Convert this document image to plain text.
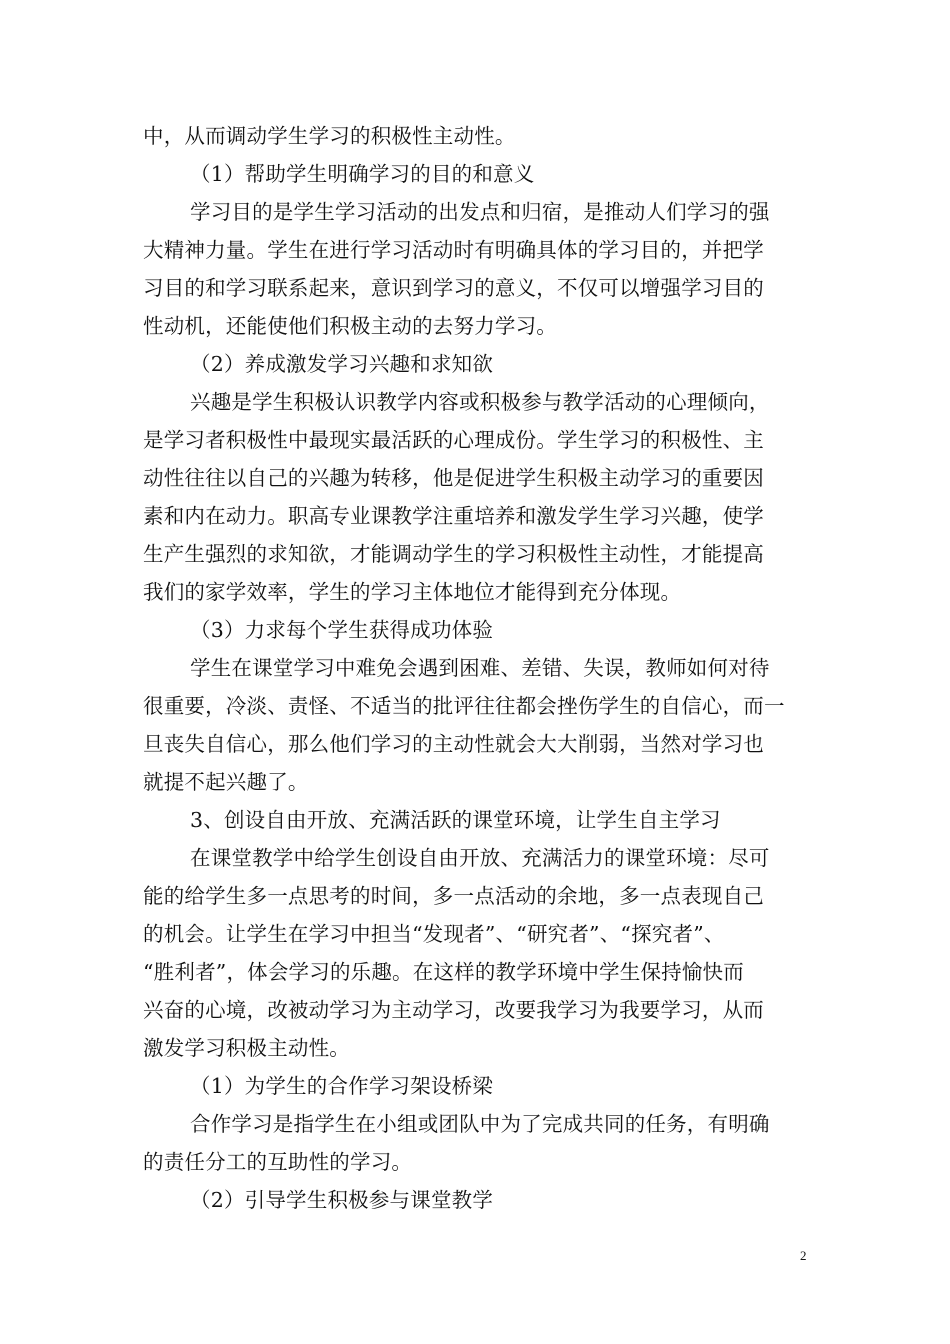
中，从而调动学生学习的积极性主动性。
（1）帮助学生明确学习的目的和意义
学习目的是学生学习活动的出发点和归宿，是推动人们学习的强
大精神力量。学生在进行学习活动时有明确具体的学习目的，并把学
习目的和学习联系起来，意识到学习的意义，不仅可以增强学习目的
性动机，还能使他们积极主动的去努力学习。
（2）养成激发学习兴趣和求知欲
兴趣是学生积极认识教学内容或积极参与教学活动的心理倾向，
是学习者积极性中最现实最活跃的心理成份。学生学习的积极性、主
动性往往以自己的兴趣为转移，他是促进学生积极主动学习的重要因
素和内在动力。职高专业课教学注重培养和激发学生学习兴趣，使学
生产生强烈的求知欲，才能调动学生的学习积极性主动性，才能提高
我们的家学效率，学生的学习主体地位才能得到充分体现。
（3）力求每个学生获得成功体验
学生在课堂学习中难免会遇到困难、差错、失误，教师如何对待
很重要，冷淡、责怪、不适当的批评往往都会挫伤学生的自信心，而一
旦丧失自信心，那么他们学习的主动性就会大大削弱，当然对学习也
就提不起兴趣了。
3、创设自由开放、充满活跃的课堂环境，让学生自主学习
在课堂教学中给学生创设自由开放、充满活力的课堂环境：尽可
能的给学生多一点思考的时间，多一点活动的余地，多一点表现自己
的机会。让学生在学习中担当“发现者”、“研究者”、“探究者”、
“胜利者”，体会学习的乐趣。在这样的教学环境中学生保持愉快而
兴奋的心境，改被动学习为主动学习，改要我学习为我要学习，从而
激发学习积极主动性。
（1）为学生的合作学习架设桥梁
合作学习是指学生在小组或团队中为了完成共同的任务，有明确
的责任分工的互助性的学习。
（2）引导学生积极参与课堂教学
2
